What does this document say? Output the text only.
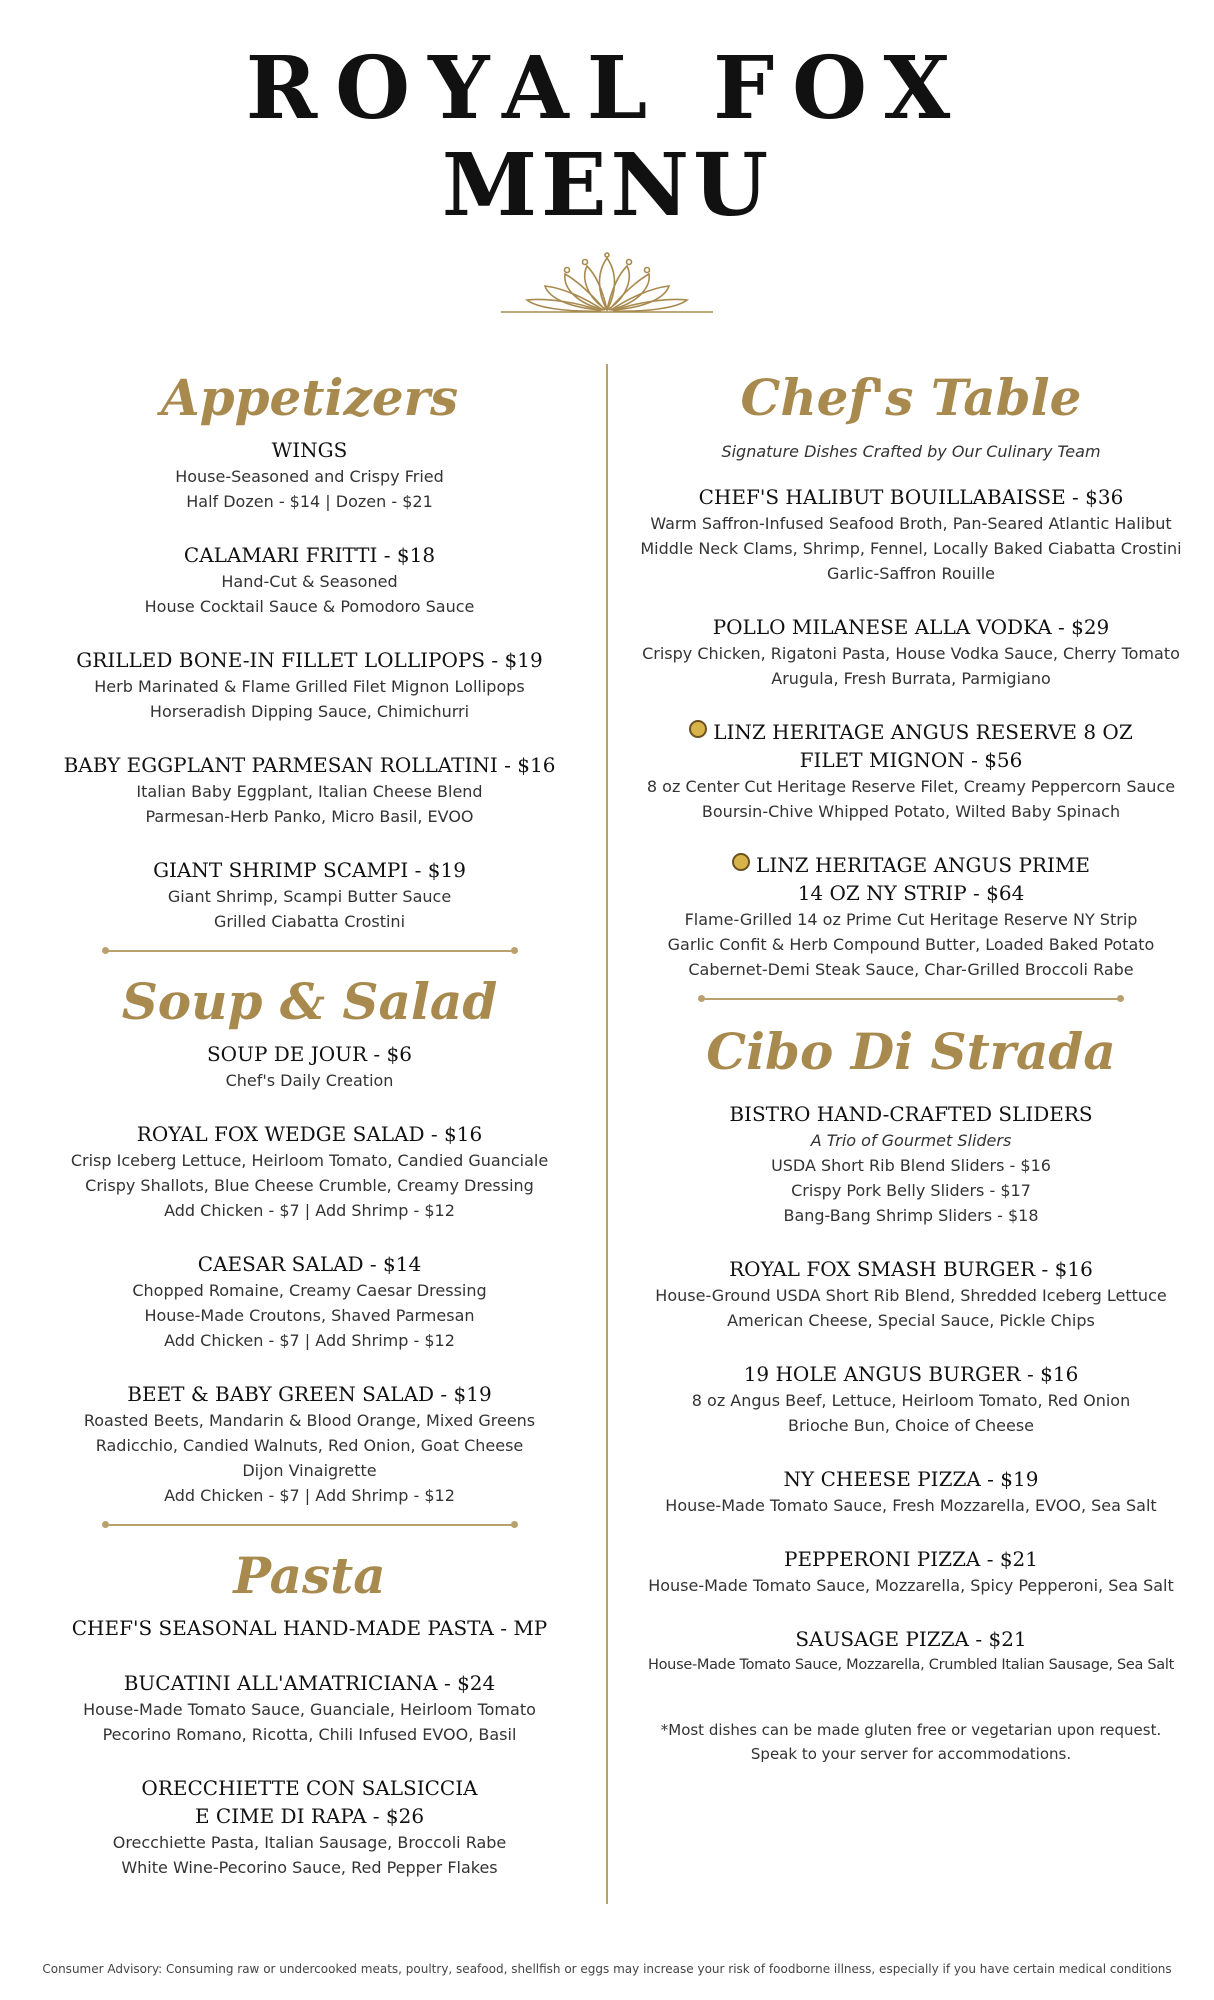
ROYAL FOX
MENU
Appetizers

WINGS

House-Seasoned and Crispy Fried

Half Dozen - $14 | Dozen - $21

CALAMARI FRITTI - $18

Hand-Cut & Seasoned

House Cocktail Sauce & Pomodoro Sauce

GRILLED BONE-IN FILLET LOLLIPOPS - $19

Herb Marinated & Flame Grilled Filet Mignon Lollipops

Horseradish Dipping Sauce, Chimichurri

BABY EGGPLANT PARMESAN ROLLATINI - $16

Italian Baby Eggplant, Italian Cheese Blend

Parmesan-Herb Panko, Micro Basil, EVOO

GIANT SHRIMP SCAMPI - $19

Giant Shrimp, Scampi Butter Sauce

Grilled Ciabatta Crostini

Soup & Salad

SOUP DE JOUR - $6

Chef's Daily Creation

ROYAL FOX WEDGE SALAD - $16

Crisp Iceberg Lettuce, Heirloom Tomato, Candied Guanciale

Crispy Shallots, Blue Cheese Crumble, Creamy Dressing

Add Chicken - $7 | Add Shrimp - $12

CAESAR SALAD - $14

Chopped Romaine, Creamy Caesar Dressing

House-Made Croutons, Shaved Parmesan

Add Chicken - $7 | Add Shrimp - $12

BEET & BABY GREEN SALAD - $19

Roasted Beets, Mandarin & Blood Orange, Mixed Greens

Radicchio, Candied Walnuts, Red Onion, Goat Cheese

Dijon Vinaigrette

Add Chicken - $7 | Add Shrimp - $12

Pasta

CHEF'S SEASONAL HAND-MADE PASTA - MP

BUCATINI ALL'AMATRICIANA - $24

House-Made Tomato Sauce, Guanciale, Heirloom Tomato

Pecorino Romano, Ricotta, Chili Infused EVOO, Basil

ORECCHIETTE CON SALSICCIA

E CIME DI RAPA - $26

Orecchiette Pasta, Italian Sausage, Broccoli Rabe

White Wine-Pecorino Sauce, Red Pepper Flakes

Chef's Table

Signature Dishes Crafted by Our Culinary Team

CHEF'S HALIBUT BOUILLABAISSE - $36

Warm Saffron-Infused Seafood Broth, Pan-Seared Atlantic Halibut

Middle Neck Clams, Shrimp, Fennel, Locally Baked Ciabatta Crostini

Garlic-Saffron Rouille

POLLO MILANESE ALLA VODKA - $29

Crispy Chicken, Rigatoni Pasta, House Vodka Sauce, Cherry Tomato

Arugula, Fresh Burrata, Parmigiano

LINZ HERITAGE ANGUS RESERVE 8 OZ

FILET MIGNON - $56

8 oz Center Cut Heritage Reserve Filet, Creamy Peppercorn Sauce

Boursin-Chive Whipped Potato, Wilted Baby Spinach

LINZ HERITAGE ANGUS PRIME

14 OZ NY STRIP - $64

Flame-Grilled 14 oz Prime Cut Heritage Reserve NY Strip

Garlic Confit & Herb Compound Butter, Loaded Baked Potato

Cabernet-Demi Steak Sauce, Char-Grilled Broccoli Rabe

Cibo Di Strada

BISTRO HAND-CRAFTED SLIDERS

A Trio of Gourmet Sliders

USDA Short Rib Blend Sliders - $16

Crispy Pork Belly Sliders - $17

Bang-Bang Shrimp Sliders - $18

ROYAL FOX SMASH BURGER - $16

House-Ground USDA Short Rib Blend, Shredded Iceberg Lettuce

American Cheese, Special Sauce, Pickle Chips

19 HOLE ANGUS BURGER - $16

8 oz Angus Beef, Lettuce, Heirloom Tomato, Red Onion

Brioche Bun, Choice of Cheese

NY CHEESE PIZZA - $19

House-Made Tomato Sauce, Fresh Mozzarella, EVOO, Sea Salt

PEPPERONI PIZZA - $21

House-Made Tomato Sauce, Mozzarella, Spicy Pepperoni, Sea Salt

SAUSAGE PIZZA - $21

House-Made Tomato Sauce, Mozzarella, Crumbled Italian Sausage, Sea Salt

*Most dishes can be made gluten free or vegetarian upon request.
Speak to your server for accommodations.
Consumer Advisory: Consuming raw or undercooked meats, poultry, seafood, shellfish or eggs may increase your risk of foodborne illness, especially if you have certain medical conditions
